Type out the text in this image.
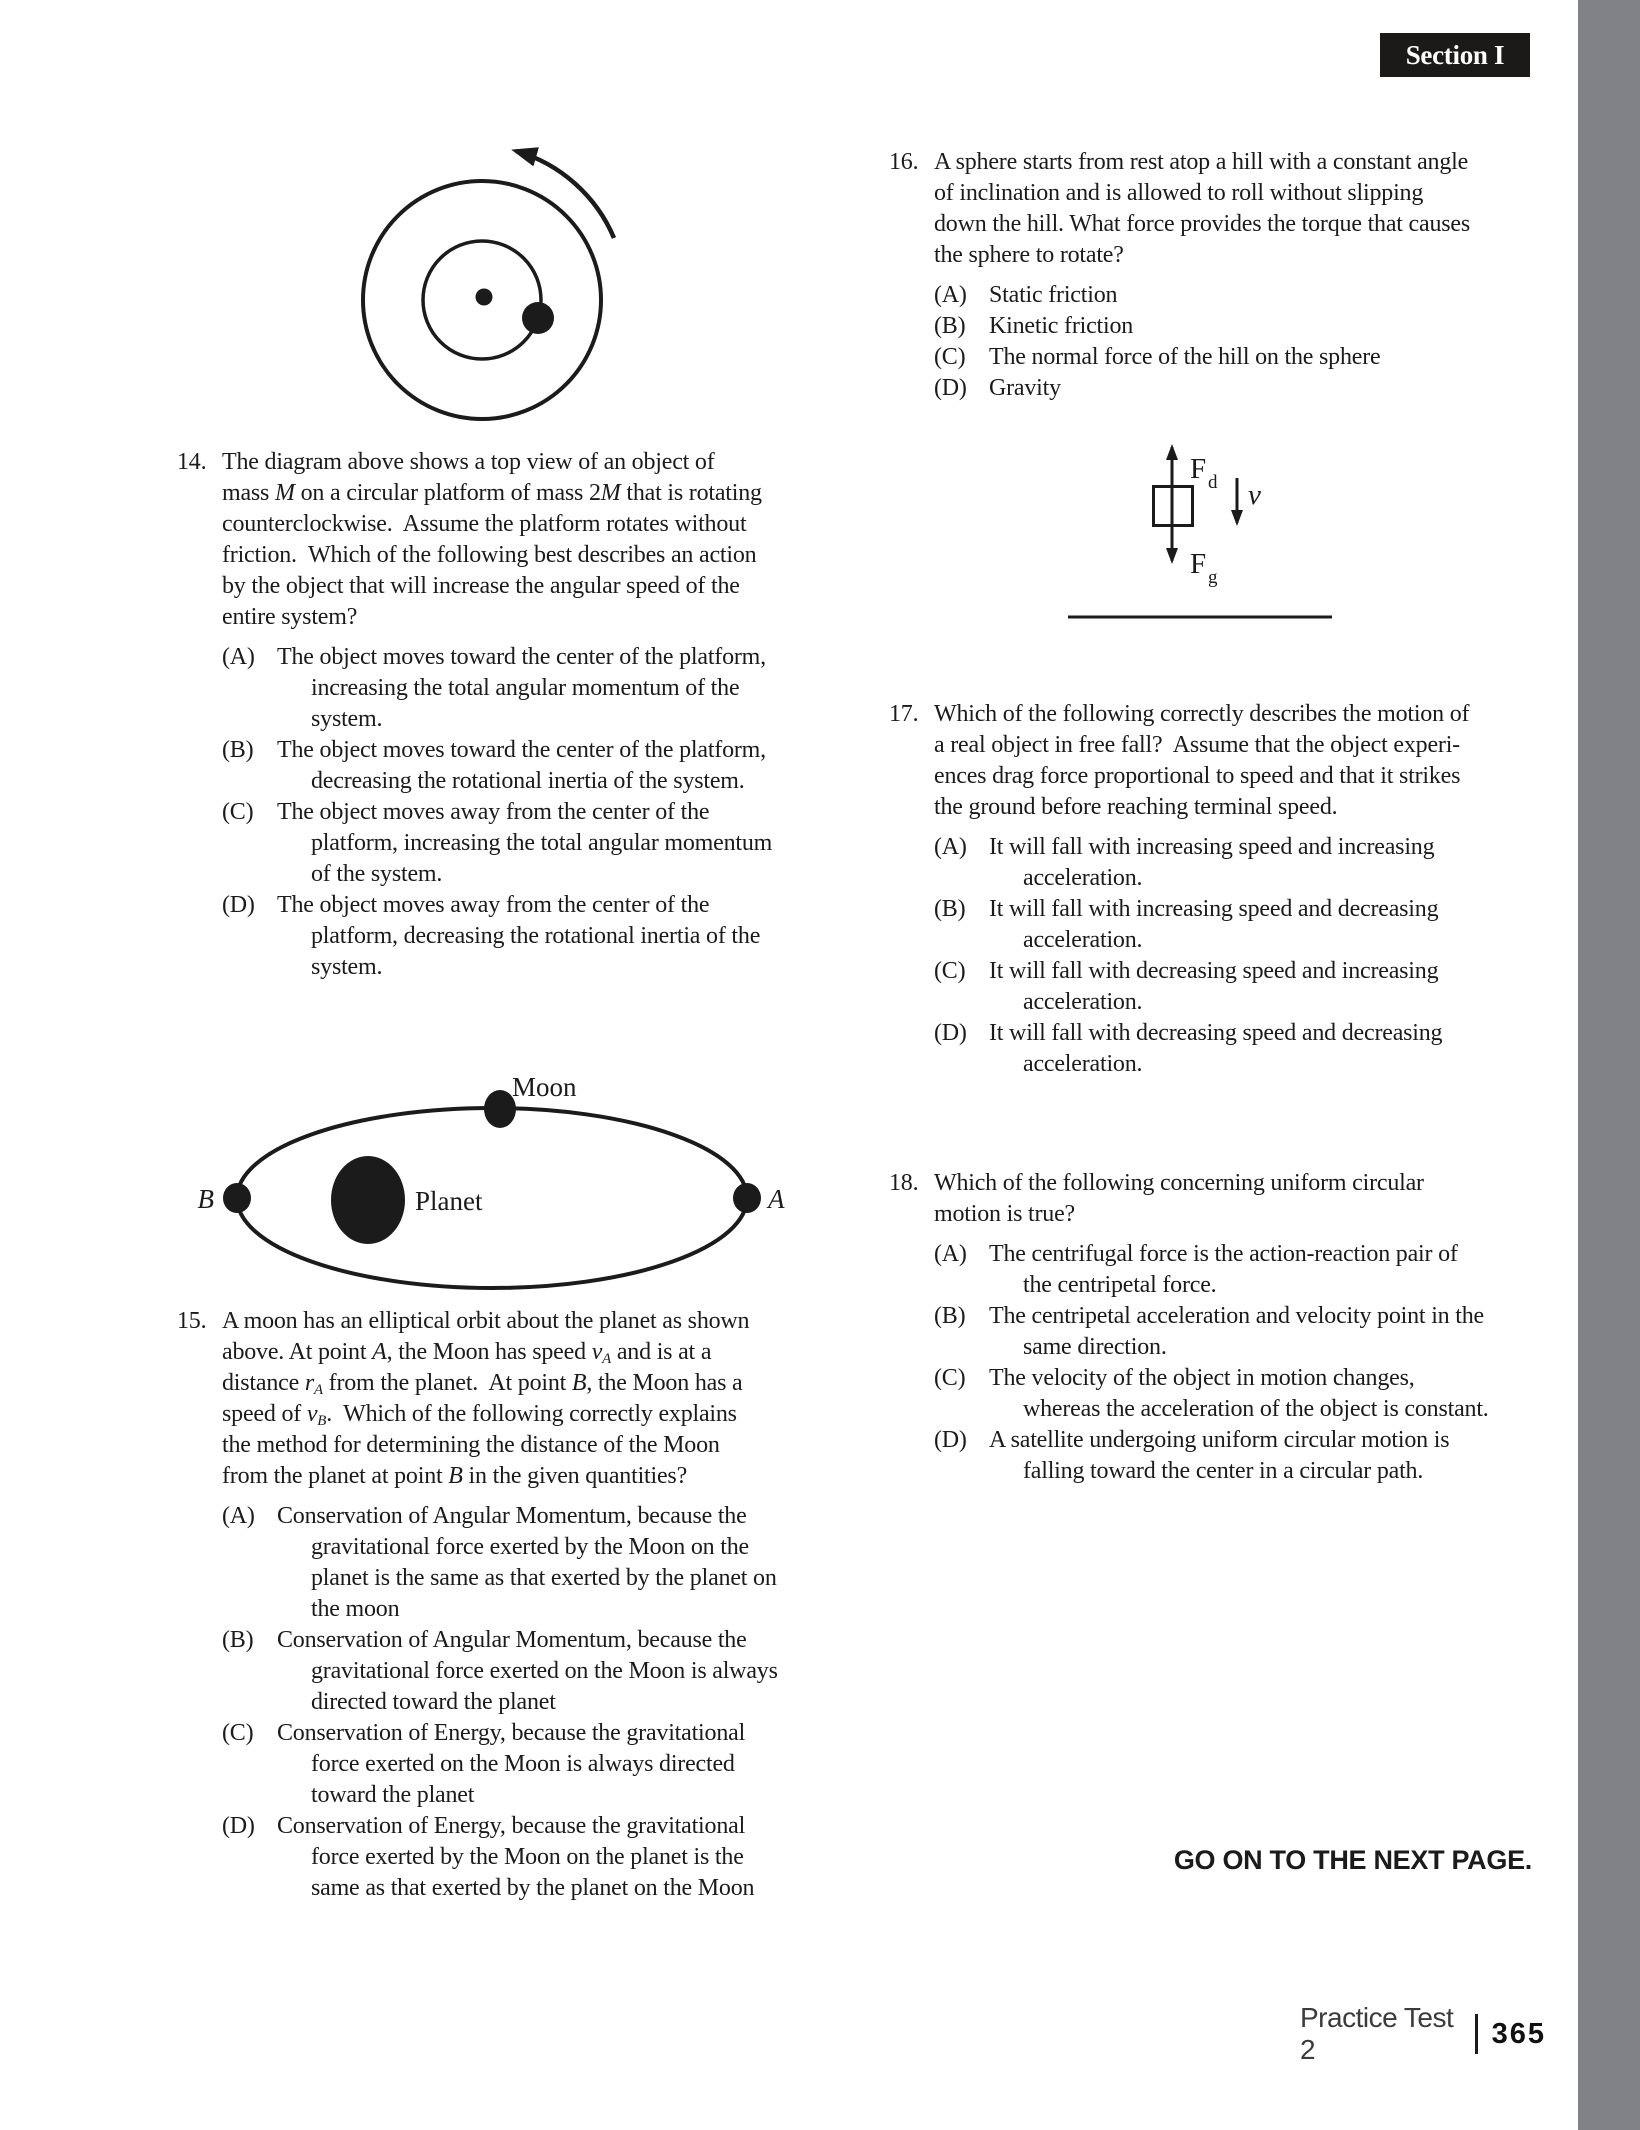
Section I
14. The diagram above shows a top view of an object of
mass M on a circular platform of mass 2M that is rotating
counterclockwise.  Assume the platform rotates without
friction.  Which of the following best describes an action
by the object that will increase the angular speed of the
entire system?
(A) The object moves toward the center of the platform,
increasing the total angular momentum of the
system.
(B) The object moves toward the center of the platform,
decreasing the rotational inertia of the system.
(C) The object moves away from the center of the
platform, increasing the total angular momentum
of the system.
(D) The object moves away from the center of the
platform, decreasing the rotational inertia of the
system.
Planet
Moon
B	A
15. A moon has an elliptical orbit about the planet as shown
above. At point A, the Moon has speed $v_A$ and is at a
distance $r_A$ from the planet.  At point B, the Moon has a
speed of $v_B$.  Which of the following correctly explains
the method for determining the distance of the Moon
from the planet at point B in the given quantities?
(A) Conservation of Angular Momentum, because the
gravitational force exerted by the Moon on the
planet is the same as that exerted by the planet on
the moon
(B) Conservation of Angular Momentum, because the
gravitational force exerted on the Moon is always
directed toward the planet
(C) Conservation of Energy, because the gravitational
force exerted on the Moon is always directed
toward the planet
(D) Conservation of Energy, because the gravitational
force exerted by the Moon on the planet is the
same as that exerted by the planet on the Moon
16. A sphere starts from rest atop a hill with a constant angle
of inclination and is allowed to roll without slipping
down the hill. What force provides the torque that causes
the sphere to rotate?
(A) Static friction
(B) Kinetic friction
(C) The normal force of the hill on the sphere
(D) Gravity
F d
F g
v
17. Which of the following correctly describes the motion of
a real object in free fall?  Assume that the object experi-
ences drag force proportional to speed and that it strikes
the ground before reaching terminal speed.
(A) It will fall with increasing speed and increasing
acceleration.
(B) It will fall with increasing speed and decreasing
acceleration.
(C) It will fall with decreasing speed and increasing
acceleration.
(D) It will fall with decreasing speed and decreasing
acceleration.
18. Which of the following concerning uniform circular
motion is true?
(A) The centrifugal force is the action-reaction pair of
the centripetal force.
(B) The centripetal acceleration and velocity point in the
same direction.
(C) The velocity of the object in motion changes,
whereas the acceleration of the object is constant.
(D) A satellite undergoing uniform circular motion is
falling toward the center in a circular path.
GO ON TO THE NEXT PAGE.
Practice Test 2	365
